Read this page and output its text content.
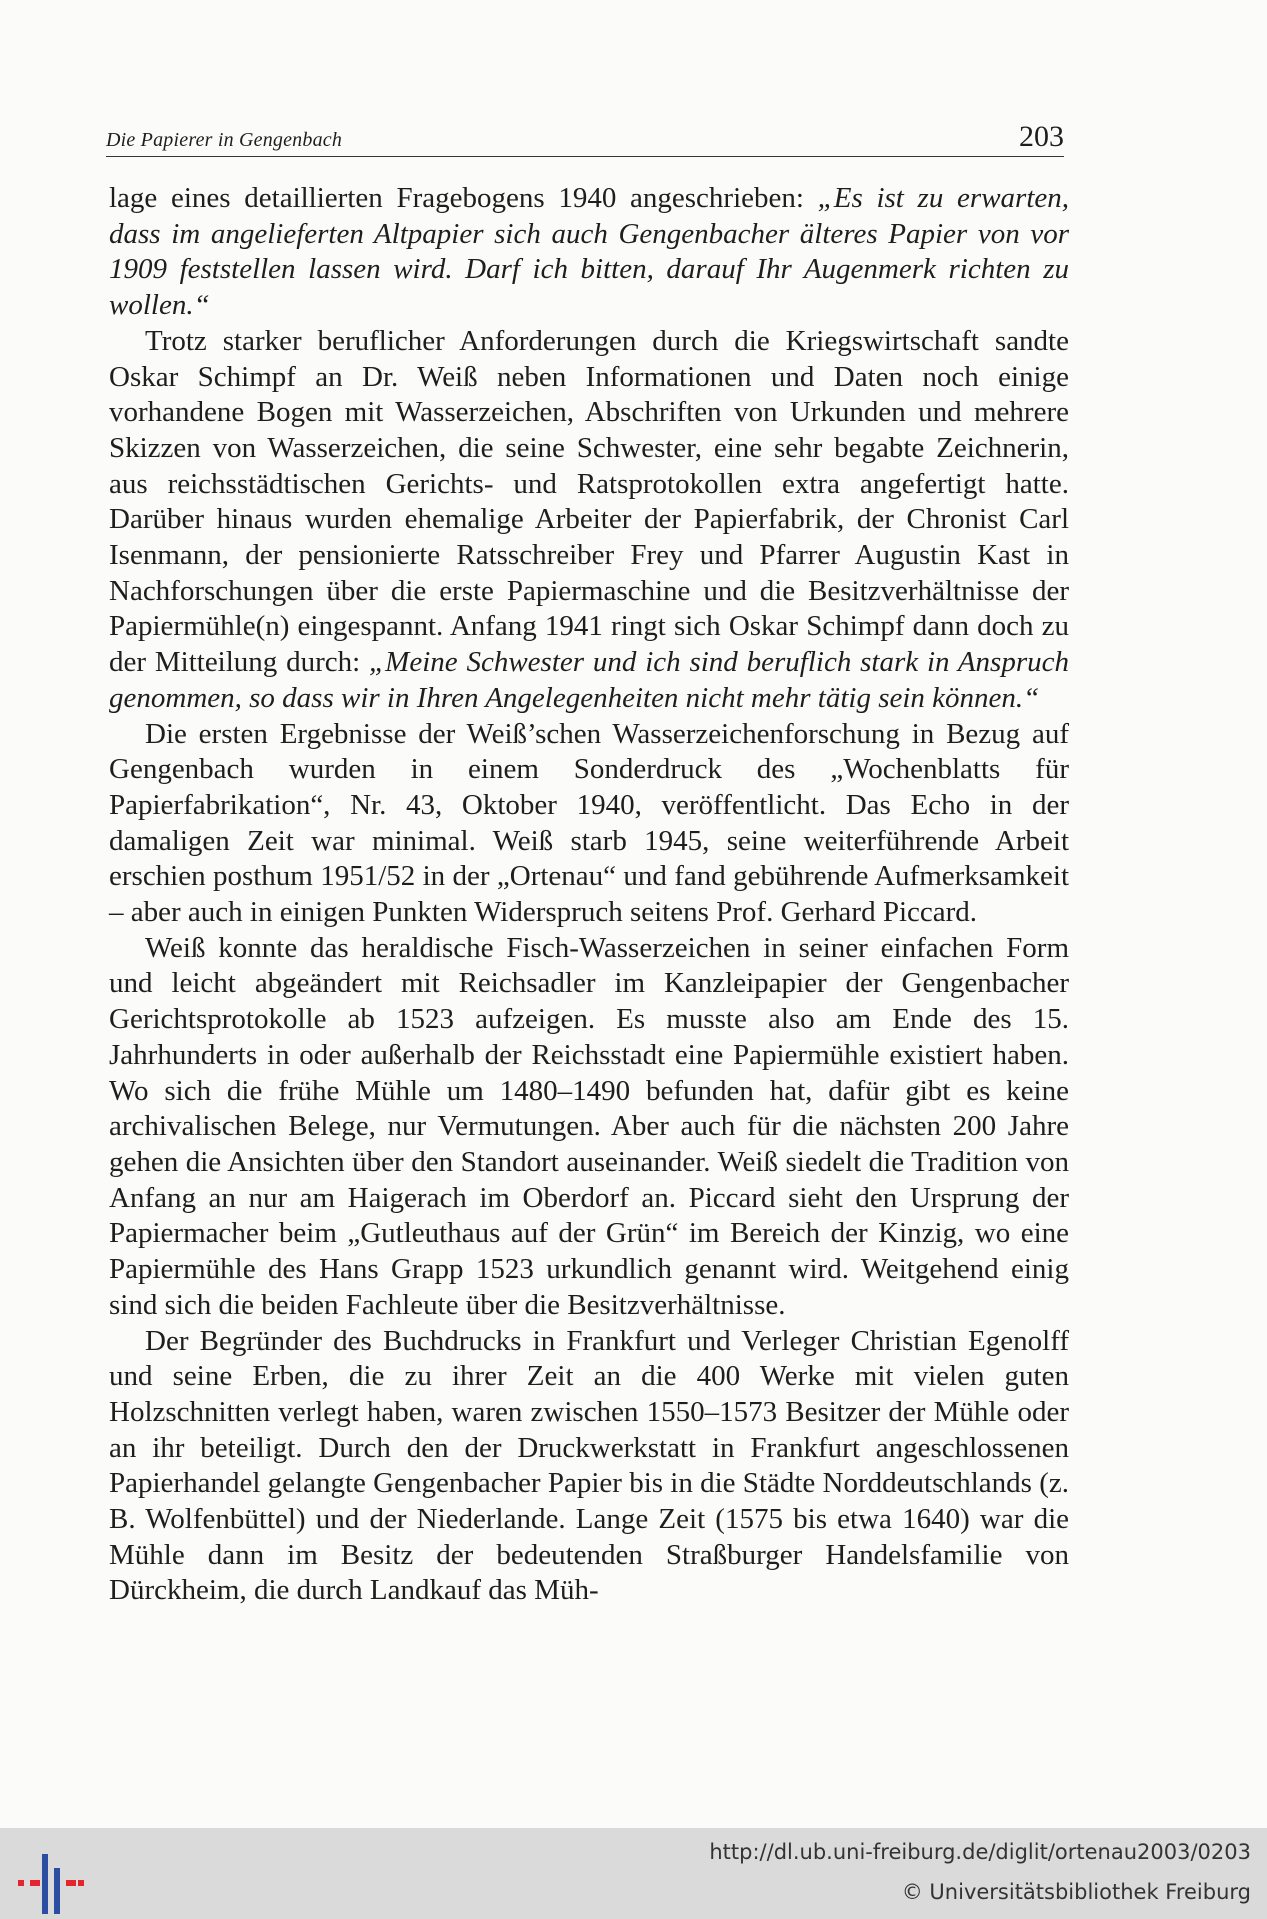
Die Papierer in Gengenbach	203

lage eines detaillierten Fragebogens 1940 angeschrieben: „Es ist zu erwarten, dass im angelieferten Altpapier sich auch Gengenbacher älteres Papier von vor 1909 feststellen lassen wird. Darf ich bitten, darauf Ihr Augenmerk richten zu wollen.“

Trotz starker beruflicher Anforderungen durch die Kriegswirtschaft sandte Oskar Schimpf an Dr. Weiß neben Informationen und Daten noch einige vorhandene Bogen mit Wasserzeichen, Abschriften von Urkunden und mehrere Skizzen von Wasserzeichen, die seine Schwester, eine sehr begabte Zeichnerin, aus reichsstädtischen Gerichts- und Ratsprotokollen extra angefertigt hatte. Darüber hinaus wurden ehemalige Arbeiter der Papierfabrik, der Chronist Carl Isenmann, der pensionierte Ratsschreiber Frey und Pfarrer Augustin Kast in Nachforschungen über die erste Papiermaschine und die Besitzverhältnisse der Papiermühle(n) eingespannt. Anfang 1941 ringt sich Oskar Schimpf dann doch zu der Mitteilung durch: „Meine Schwester und ich sind beruflich stark in Anspruch genommen, so dass wir in Ihren Angelegenheiten nicht mehr tätig sein können.“

Die ersten Ergebnisse der Weiß’schen Wasserzeichenforschung in Bezug auf Gengenbach wurden in einem Sonderdruck des „Wochenblatts für Papierfabrikation“, Nr. 43, Oktober 1940, veröffentlicht. Das Echo in der damaligen Zeit war minimal. Weiß starb 1945, seine weiterführende Arbeit erschien posthum 1951/52 in der „Ortenau“ und fand gebührende Aufmerksamkeit – aber auch in einigen Punkten Widerspruch seitens Prof. Gerhard Piccard.

Weiß konnte das heraldische Fisch-Wasserzeichen in seiner einfachen Form und leicht abgeändert mit Reichsadler im Kanzleipapier der Gengenbacher Gerichtsprotokolle ab 1523 aufzeigen. Es musste also am Ende des 15. Jahrhunderts in oder außerhalb der Reichsstadt eine Papiermühle existiert haben. Wo sich die frühe Mühle um 1480–1490 befunden hat, dafür gibt es keine archivalischen Belege, nur Vermutungen. Aber auch für die nächsten 200 Jahre gehen die Ansichten über den Standort auseinander. Weiß siedelt die Tradition von Anfang an nur am Haigerach im Oberdorf an. Piccard sieht den Ursprung der Papiermacher beim „Gutleuthaus auf der Grün“ im Bereich der Kinzig, wo eine Papiermühle des Hans Grapp 1523 urkundlich genannt wird. Weitgehend einig sind sich die beiden Fachleute über die Besitzverhältnisse.

Der Begründer des Buchdrucks in Frankfurt und Verleger Christian Egenolff und seine Erben, die zu ihrer Zeit an die 400 Werke mit vielen guten Holzschnitten verlegt haben, waren zwischen 1550–1573 Besitzer der Mühle oder an ihr beteiligt. Durch den der Druckwerkstatt in Frankfurt angeschlossenen Papierhandel gelangte Gengenbacher Papier bis in die Städte Norddeutschlands (z. B. Wolfenbüttel) und der Niederlande. Lange Zeit (1575 bis etwa 1640) war die Mühle dann im Besitz der bedeutenden Straßburger Handelsfamilie von Dürckheim, die durch Landkauf das Müh-

http://dl.ub.uni-freiburg.de/diglit/ortenau2003/0203
© Universitätsbibliothek Freiburg
